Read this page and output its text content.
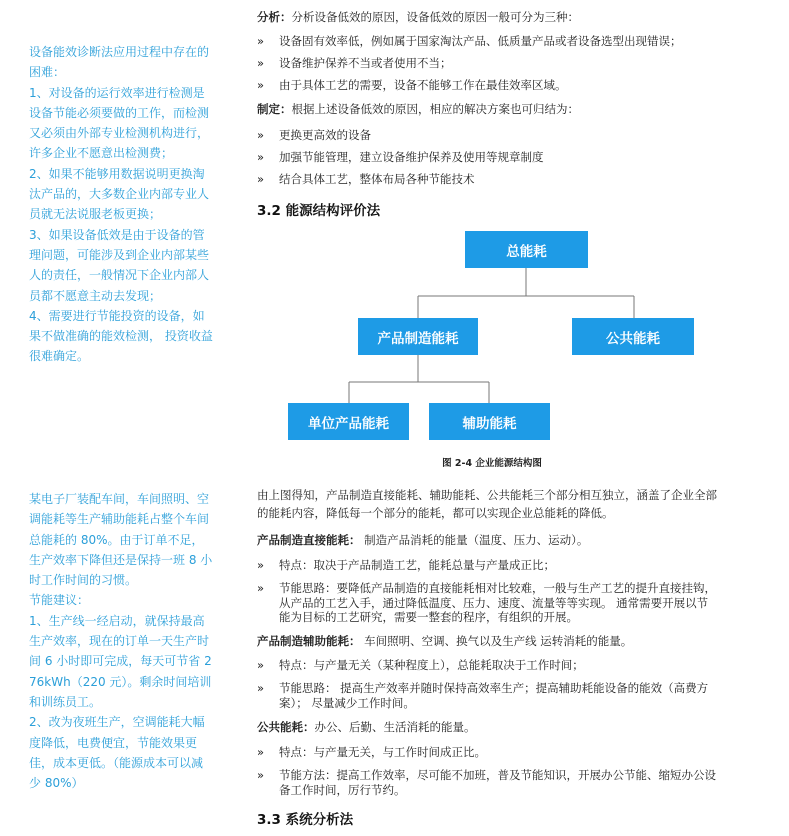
设备能效诊断法应用过程中存在的困难：

1、对设备的运行效率进行检测是设备节能必须要做的工作，而检测又必须由外部专业检测机构进行，许多企业不愿意出检测费；

2、如果不能够用数据说明更换淘汰产品的，大多数企业内部专业人员就无法说服老板更换；

3、如果设备低效是由于设备的管理问题，可能涉及到企业内部某些人的责任，一般情况下企业内部人员都不愿意主动去发现；

4、需要进行节能投资的设备，如果不做准确的能效检测， 投资收益很难确定。

某电子厂装配车间，车间照明、空调能耗等生产辅助能耗占整个车间总能耗的 80%。由于订单不足，生产效率下降但还是保持一班 8 小时工作时间的习惯。

节能建议：

1、生产线一经启动，就保持最高生产效率，现在的订单一天生产时间 6 小时即可完成，每天可节省 276kWh（220 元）。剩余时间培训和训练员工。

2、改为夜班生产，空调能耗大幅度降低，电费便宜，节能效果更佳，成本更低。（能源成本可以减少 80%）

分析：分析设备低效的原因，设备低效的原因一般可分为三种：

» 设备固有效率低，例如属于国家淘汰产品、低质量产品或者设备选型出现错误；
» 设备维护保养不当或者使用不当；
» 由于具体工艺的需要，设备不能够工作在最佳效率区域。

制定：根据上述设备低效的原因，相应的解决方案也可归结为：

» 更换更高效的设备
» 加强节能管理，建立设备维护保养及使用等规章制度
» 结合具体工艺，整体布局各种节能技术
3.2 能源结构评价法
总能耗
产品制造能耗	公共能耗
单位产品能耗	辅助能耗
图 2-4 企业能源结构图

由上图得知，产品制造直接能耗、辅助能耗、公共能耗三个部分相互独立，涵盖了企业全部的能耗内容，降低每一个部分的能耗，都可以实现企业总能耗的降低。

产品制造直接能耗： 制造产品消耗的能量（温度、压力、运动）。

» 特点：取决于产品制造工艺，能耗总量与产量成正比；
» 节能思路：要降低产品制造的直接能耗相对比较难，一般与生产工艺的提升直接挂钩，从产品的工艺入手，通过降低温度、压力、速度、流量等等实现。 通常需要开展以节能为目标的工艺研究，需要一整套的程序，有组织的开展。

产品制造辅助能耗： 车间照明、空调、换气以及生产线 运转消耗的能量。

» 特点：与产量无关（某种程度上），总能耗取决于工作时间；
» 节能思路： 提高生产效率并随时保持高效率生产；提高辅助耗能设备的能效（高费方案）； 尽量减少工作时间。

公共能耗：办公、后勤、生活消耗的能量。

» 特点：与产量无关，与工作时间成正比。
» 节能方法：提高工作效率，尽可能不加班，普及节能知识，开展办公节能、缩短办公设备工作时间，厉行节约。
3.3 系统分析法
